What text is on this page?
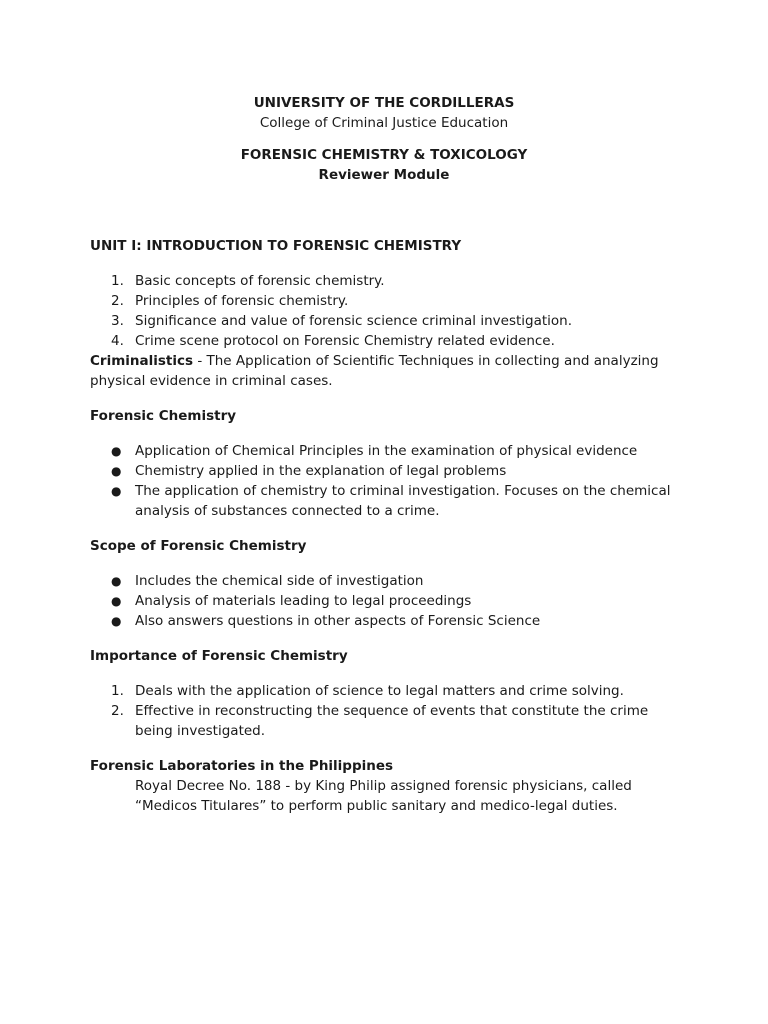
UNIVERSITY OF THE CORDILLERAS

College of Criminal Justice Education

FORENSIC CHEMISTRY & TOXICOLOGY

Reviewer Module

UNIT I: INTRODUCTION TO FORENSIC CHEMISTRY
1. Basic concepts of forensic chemistry.
2. Principles of forensic chemistry.
3. Significance and value of forensic science criminal investigation.
4. Crime scene protocol on Forensic Chemistry related evidence.

Criminalistics - The Application of Scientific Techniques in collecting and analyzing physical evidence in criminal cases.

Forensic Chemistry
● Application of Chemical Principles in the examination of physical evidence
● Chemistry applied in the explanation of legal problems
● The application of chemistry to criminal investigation. Focuses on the chemical analysis of substances connected to a crime.
Scope of Forensic Chemistry
● Includes the chemical side of investigation
● Analysis of materials leading to legal proceedings
● Also answers questions in other aspects of Forensic Science
Importance of Forensic Chemistry
1. Deals with the application of science to legal matters and crime solving.
2. Effective in reconstructing the sequence of events that constitute the crime being investigated.
Forensic Laboratories in the Philippines

Royal Decree No. 188 - by King Philip assigned forensic physicians, called “Medicos Titulares” to perform public sanitary and medico-legal duties.
